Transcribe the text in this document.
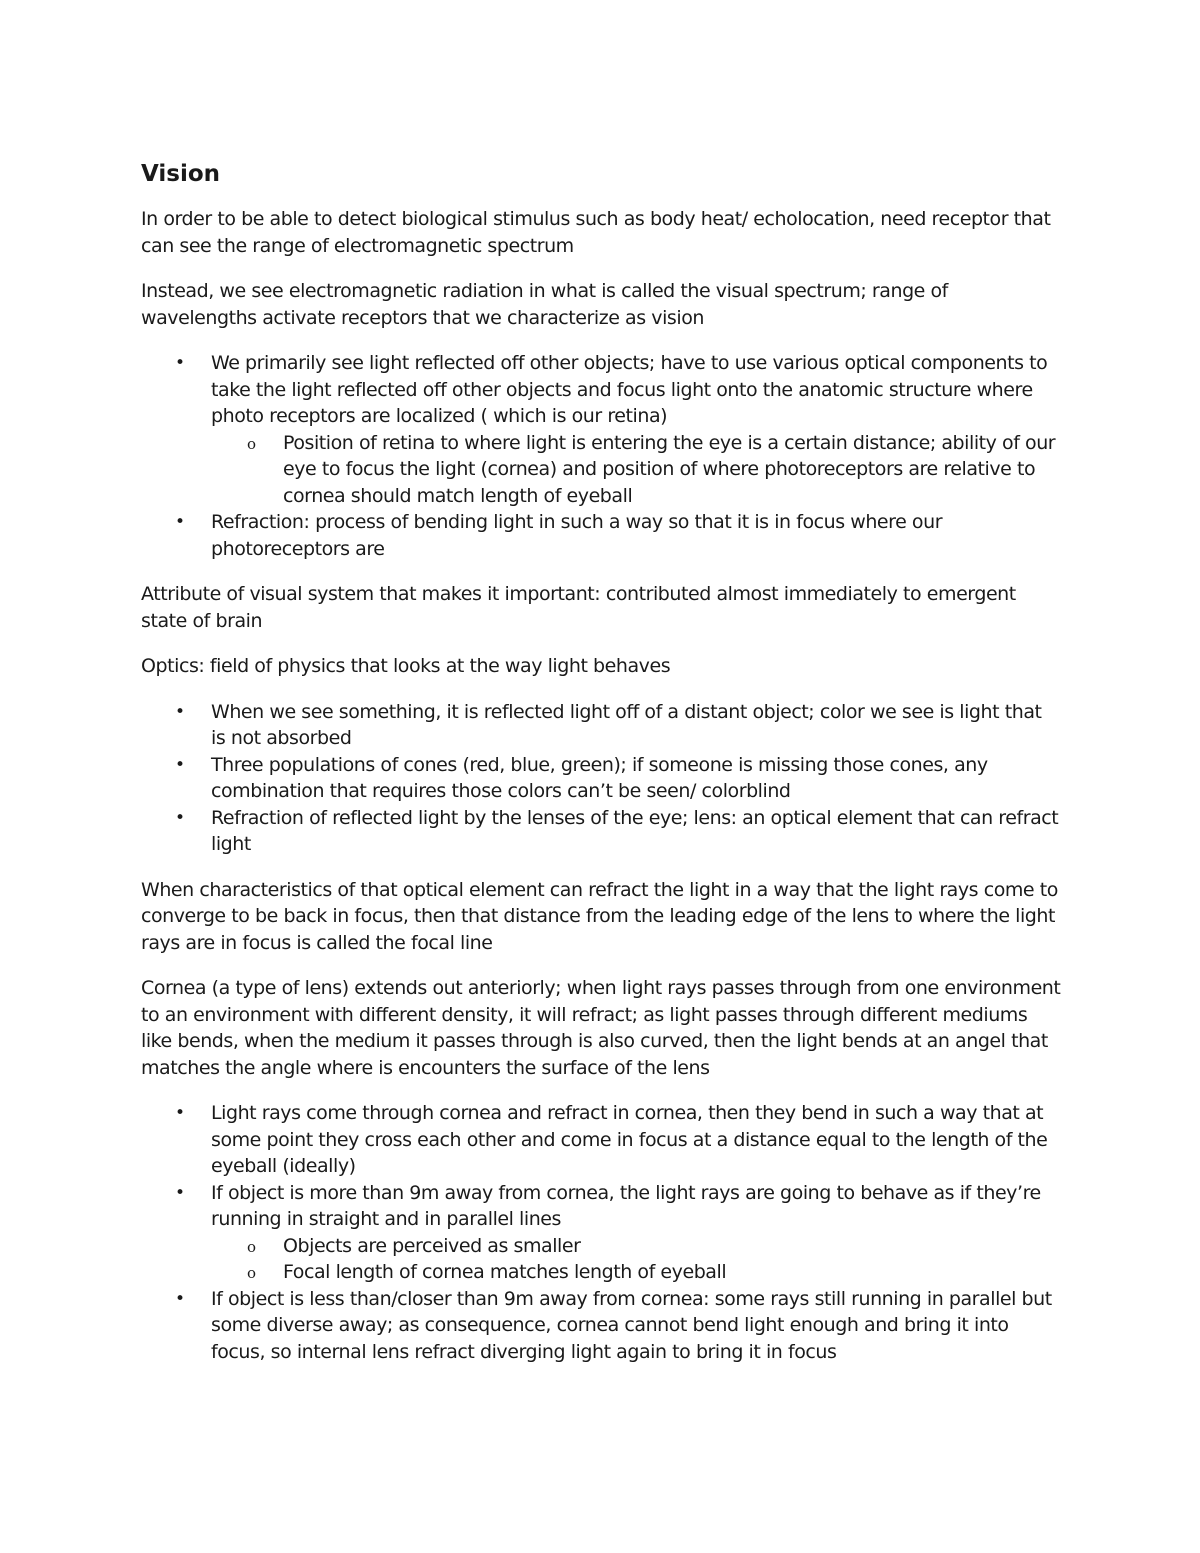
Vision

In order to be able to detect biological stimulus such as body heat/ echolocation, need receptor that can see the range of electromagnetic spectrum

Instead, we see electromagnetic radiation in what is called the visual spectrum; range of wavelengths activate receptors that we characterize as vision

• We primarily see light reflected off other objects; have to use various optical components to take the light reflected off other objects and focus light onto the anatomic structure where photo receptors are localized ( which is our retina)
o Position of retina to where light is entering the eye is a certain distance; ability of our eye to focus the light (cornea) and position of where photoreceptors are relative to cornea should match length of eyeball
• Refraction: process of bending light in such a way so that it is in focus where our photoreceptors are

Attribute of visual system that makes it important: contributed almost immediately to emergent state of brain

Optics: field of physics that looks at the way light behaves

• When we see something, it is reflected light off of a distant object; color we see is light that is not absorbed
• Three populations of cones (red, blue, green); if someone is missing those cones, any combination that requires those colors can’t be seen/ colorblind
• Refraction of reflected light by the lenses of the eye; lens: an optical element that can refract light

When characteristics of that optical element can refract the light in a way that the light rays come to converge to be back in focus, then that distance from the leading edge of the lens to where the light rays are in focus is called the focal line

Cornea (a type of lens) extends out anteriorly; when light rays passes through from one environment to an environment with different density, it will refract; as light passes through different mediums like bends, when the medium it passes through is also curved, then the light bends at an angel that matches the angle where is encounters the surface of the lens

• Light rays come through cornea and refract in cornea, then they bend in such a way that at some point they cross each other and come in focus at a distance equal to the length of the eyeball (ideally)
• If object is more than 9m away from cornea, the light rays are going to behave as if they’re running in straight and in parallel lines
o Objects are perceived as smaller
o Focal length of cornea matches length of eyeball
• If object is less than/closer than 9m away from cornea: some rays still running in parallel but some diverse away; as consequence, cornea cannot bend light enough and bring it into focus, so internal lens refract diverging light again to bring it in focus
